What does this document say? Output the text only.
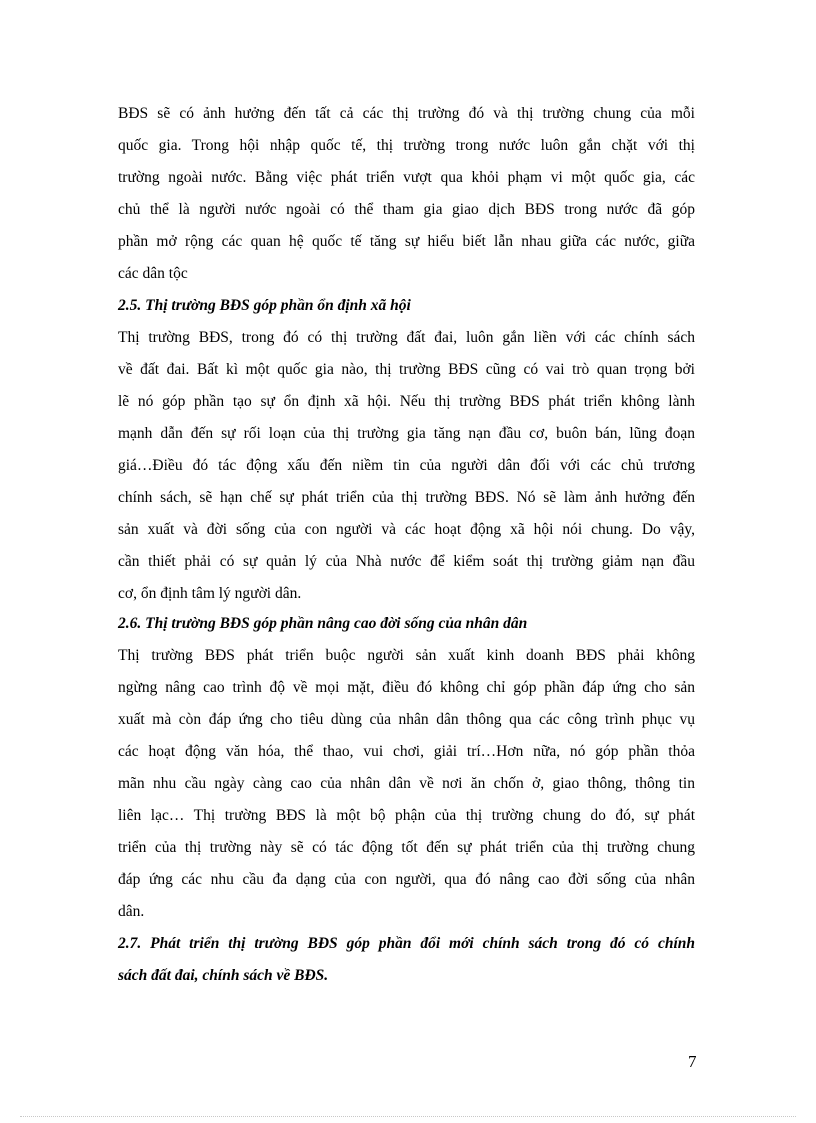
BĐS sẽ có ảnh hưởng đến tất cả các thị trường đó và thị trường chung của mỗi
quốc gia. Trong hội nhập quốc tế, thị trường trong nước luôn gắn chặt với thị
trường ngoài nước. Bằng việc phát triển vượt qua khỏi phạm vi một quốc gia, các
chủ thể là người nước ngoài có thể tham gia giao dịch BĐS trong nước đã góp
phần mở rộng các quan hệ quốc tế tăng sự hiểu biết lẫn nhau giữa các nước, giữa
các dân tộc
2.5. Thị trường BĐS góp phần ổn định xã hội
Thị trường BĐS, trong đó có thị trường đất đai, luôn gắn liền với các chính sách
về đất đai. Bất kì một quốc gia nào, thị trường BĐS cũng có vai trò quan trọng bởi
lẽ nó góp phần tạo sự ổn định xã hội. Nếu thị trường BĐS phát triển không lành
mạnh dẫn đến sự rối loạn của thị trường gia tăng nạn đầu cơ, buôn bán, lũng đoạn
giá…Điều đó tác động xấu đến niềm tin của người dân đối với các chủ trương
chính sách, sẽ hạn chế sự phát triển của thị trường BĐS. Nó sẽ làm ảnh hưởng đến
sản xuất và đời sống của con người và các hoạt động xã hội nói chung. Do vậy,
cần thiết phải có sự quản lý của Nhà nước để kiểm soát thị trường giảm nạn đầu
cơ, ổn định tâm lý người dân.
2.6. Thị trường BĐS góp phần nâng cao đời sống của nhân dân
Thị trường BĐS phát triển buộc người sản xuất kinh doanh BĐS phải không
ngừng nâng cao trình độ về mọi mặt, điều đó không chỉ góp phần đáp ứng cho sản
xuất mà còn đáp ứng cho tiêu dùng của nhân dân thông qua các công trình phục vụ
các hoạt động văn hóa, thể thao, vui chơi, giải trí…Hơn nữa, nó góp phần thỏa
mãn nhu cầu ngày càng cao của nhân dân về nơi ăn chốn ở, giao thông, thông tin
liên lạc… Thị trường BĐS là một bộ phận của thị trường chung do đó, sự phát
triển của thị trường này sẽ có tác động tốt đến sự phát triển của thị trường chung
đáp ứng các nhu cầu đa dạng của con người, qua đó nâng cao đời sống của nhân
dân.
2.7. Phát triển thị trường BĐS góp phần đổi mới chính sách trong đó có chính
sách đất đai, chính sách về BĐS.
7
